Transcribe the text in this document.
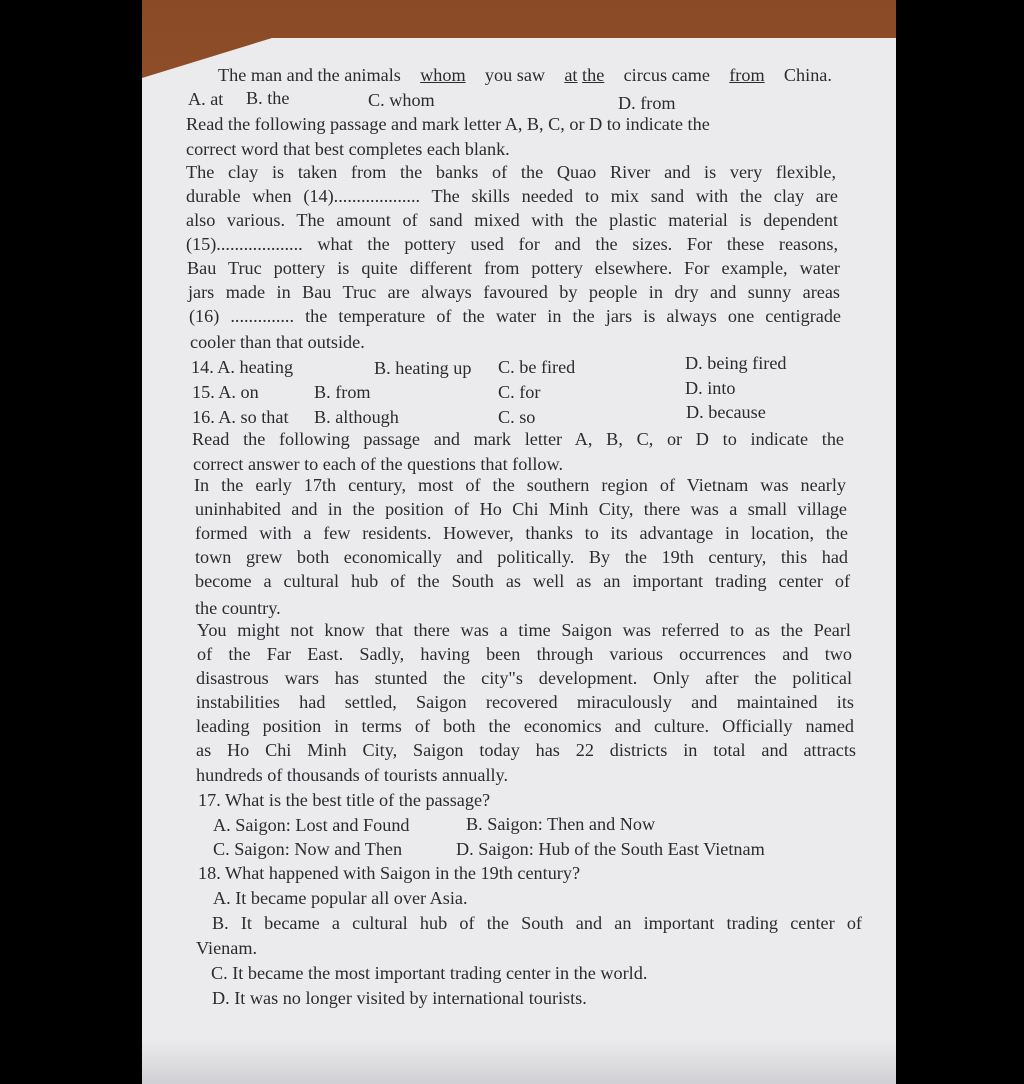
The man and the animals whom you saw at the circus came from China.
A. at B. the	C. whom	D. from
Read the following passage and mark letter A, B, C, or D to indicate the
correct word that best completes each blank.
The clay is taken from the banks of the Quao River and is very flexible,
durable when (14)................... The skills needed to mix sand with the clay are
also various. The amount of sand mixed with the plastic material is dependent
(15)................... what the pottery used for and the sizes. For these reasons,
Bau Truc pottery is quite different from pottery elsewhere. For example, water
jars made in Bau Truc are always favoured by people in dry and sunny areas
(16) .............. the temperature of the water in the jars is always one centigrade
cooler than that outside.
14. A. heating	B. heating up C. be fired	D. being fired
15. A. on	B. from	C. for	D. into
16. A. so that B. although	C. so	D. because
Read the following passage and mark letter A, B, C, or D to indicate the
correct answer to each of the questions that follow.
In the early 17th century, most of the southern region of Vietnam was nearly
uninhabited and in the position of Ho Chi Minh City, there was a small village
formed with a few residents. However, thanks to its advantage in location, the
town grew both economically and politically. By the 19th century, this had
become a cultural hub of the South as well as an important trading center of
the country.
You might not know that there was a time Saigon was referred to as the Pearl
of the Far East. Sadly, having been through various occurrences and two
disastrous wars has stunted the city"s development. Only after the political
instabilities had settled, Saigon recovered miraculously and maintained its
leading position in terms of both the economics and culture. Officially named
as Ho Chi Minh City, Saigon today has 22 districts in total and attracts
hundreds of thousands of tourists annually.
17. What is the best title of the passage?
A. Saigon: Lost and Found	B. Saigon: Then and Now
C. Saigon: Now and Then	D. Saigon: Hub of the South East Vietnam
18. What happened with Saigon in the 19th century?
A. It became popular all over Asia.
B. It became a cultural hub of the South and an important trading center of
Vienam.
C. It became the most important trading center in the world.
D. It was no longer visited by international tourists.
